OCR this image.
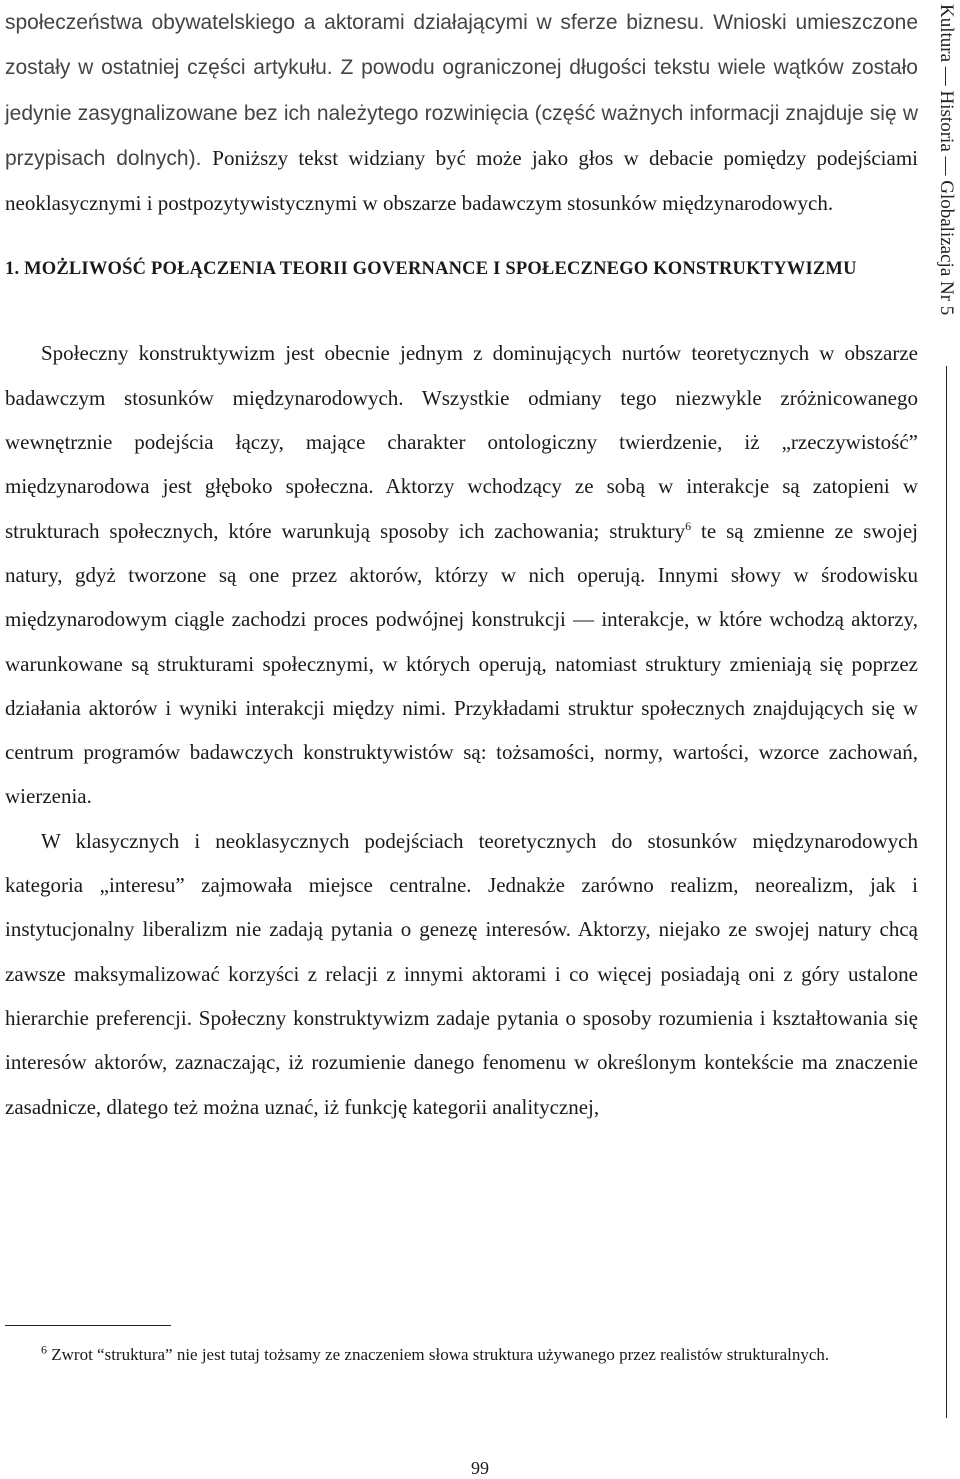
społeczeństwa obywatelskiego a aktorami działającymi w sferze biznesu. Wnioski umieszczone zostały w ostatniej części artykułu. Z powodu ograniczonej długości tekstu wiele wątków zostało jedynie zasygnalizowane bez ich należytego rozwinięcia (część ważnych informacji znajduje się w przypisach dolnych). Poniższy tekst widziany być może jako głos w debacie pomiędzy podejściami neoklasycznymi i postpozytywistycznymi w obszarze badawczym stosunków międzynarodowych.

1. MOŻLIWOŚĆ POŁĄCZENIA TEORII GOVERNANCE I SPOŁECZNEGO KONSTRUKTYWIZMU

Społeczny konstruktywizm jest obecnie jednym z dominujących nurtów teoretycznych w obszarze badawczym stosunków międzynarodowych. Wszystkie odmiany tego niezwykle zróżnicowanego wewnętrznie podejścia łączy, mające charakter ontologiczny twierdzenie, iż „rzeczywistość” międzynarodowa jest głęboko społeczna. Aktorzy wchodzący ze sobą w interakcje są zatopieni w strukturach społecznych, które warunkują sposoby ich zachowania; struktury$^6$ te są zmienne ze swojej natury, gdyż tworzone są one przez aktorów, którzy w nich operują. Innymi słowy w środowisku międzynarodowym ciągle zachodzi proces podwójnej konstrukcji — interakcje, w które wchodzą aktorzy, warunkowane są strukturami społecznymi, w których operują, natomiast struktury zmieniają się poprzez działania aktorów i wyniki interakcji między nimi. Przykładami struktur społecznych znajdujących się w centrum programów badawczych konstruktywistów są: tożsamości, normy, wartości, wzorce zachowań, wierzenia.

W klasycznych i neoklasycznych podejściach teoretycznych do stosunków międzynarodowych kategoria „interesu” zajmowała miejsce centralne. Jednakże zarówno realizm, neorealizm, jak i instytucjonalny liberalizm nie zadają pytania o genezę interesów. Aktorzy, niejako ze swojej natury chcą zawsze maksymalizować korzyści z relacji z innymi aktorami i co więcej posiadają oni z góry ustalone hierarchie preferencji. Społeczny konstruktywizm zadaje pytania o sposoby rozumienia i kształtowania się interesów aktorów, zaznaczając, iż rozumienie danego fenomenu w określonym kontekście ma znaczenie zasadnicze, dlatego też można uznać, iż funkcję kategorii analitycznej,

$^6$ Zwrot “struktura” nie jest tutaj tożsamy ze znaczeniem słowa struktura używanego przez realistów strukturalnych.

99
Kultura — Historia — Globalizacja Nr 5
